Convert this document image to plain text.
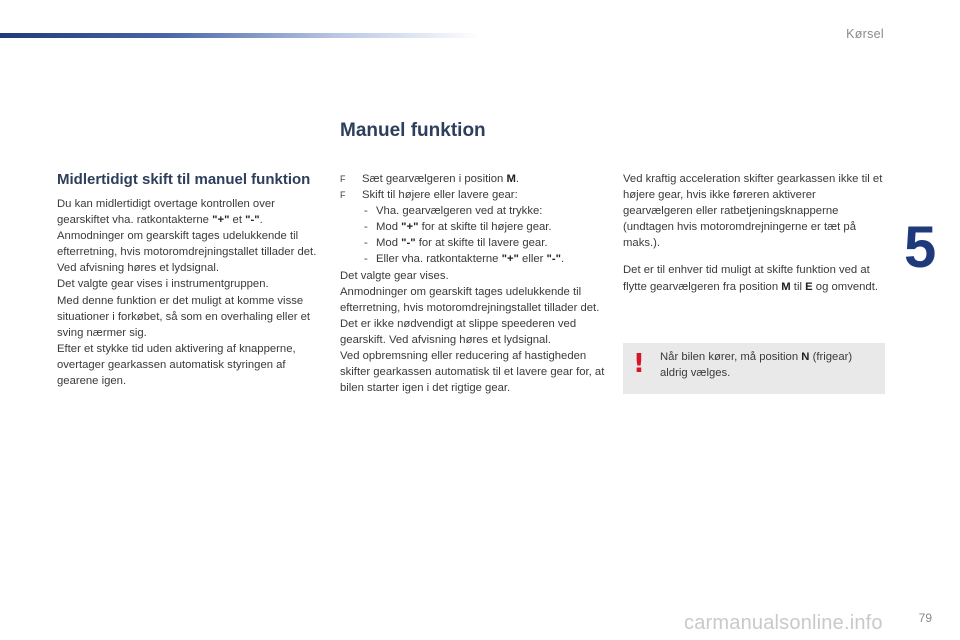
Kørsel
5
Manuel funktion
Midlertidigt skift til manuel funktion

Du kan midlertidigt overtage kontrollen over gearskiftet vha. ratkontakterne "+" et "-".

Anmodninger om gearskift tages udelukkende til efterretning, hvis motoromdrejningstallet tillader det. Ved afvisning høres et lydsignal.

Det valgte gear vises i instrumentgruppen.

Med denne funktion er det muligt at komme visse situationer i forkøbet, så som en overhaling eller et sving nærmer sig.

Efter et stykke tid uden aktivering af knapperne, overtager gearkassen automatisk styringen af gearene igen.

F Sæt gearvælgeren i position M.
F Skift til højere eller lavere gear:
- Vha. gearvælgeren ved at trykke:
- Mod "+" for at skifte til højere gear.
- Mod "-" for at skifte til lavere gear.
- Eller vha. ratkontakterne "+" eller "-".

Det valgte gear vises.

Anmodninger om gearskift tages udelukkende til efterretning, hvis motoromdrejningstallet tillader det.

Det er ikke nødvendigt at slippe speederen ved gearskift. Ved afvisning høres et lydsignal.

Ved opbremsning eller reducering af hastigheden skifter gearkassen automatisk til et lavere gear for, at bilen starter igen i det rigtige gear.

Ved kraftig acceleration skifter gearkassen ikke til et højere gear, hvis ikke føreren aktiverer gearvælgeren eller ratbetjeningsknapperne (undtagen hvis motoromdrejningerne er tæt på maks.).

Det er til enhver tid muligt at skifte funktion ved at flytte gearvælgeren fra position M til E og omvendt.

! Når bilen kører, må position N (frigear) aldrig vælges.
carmanualsonline.info	79
